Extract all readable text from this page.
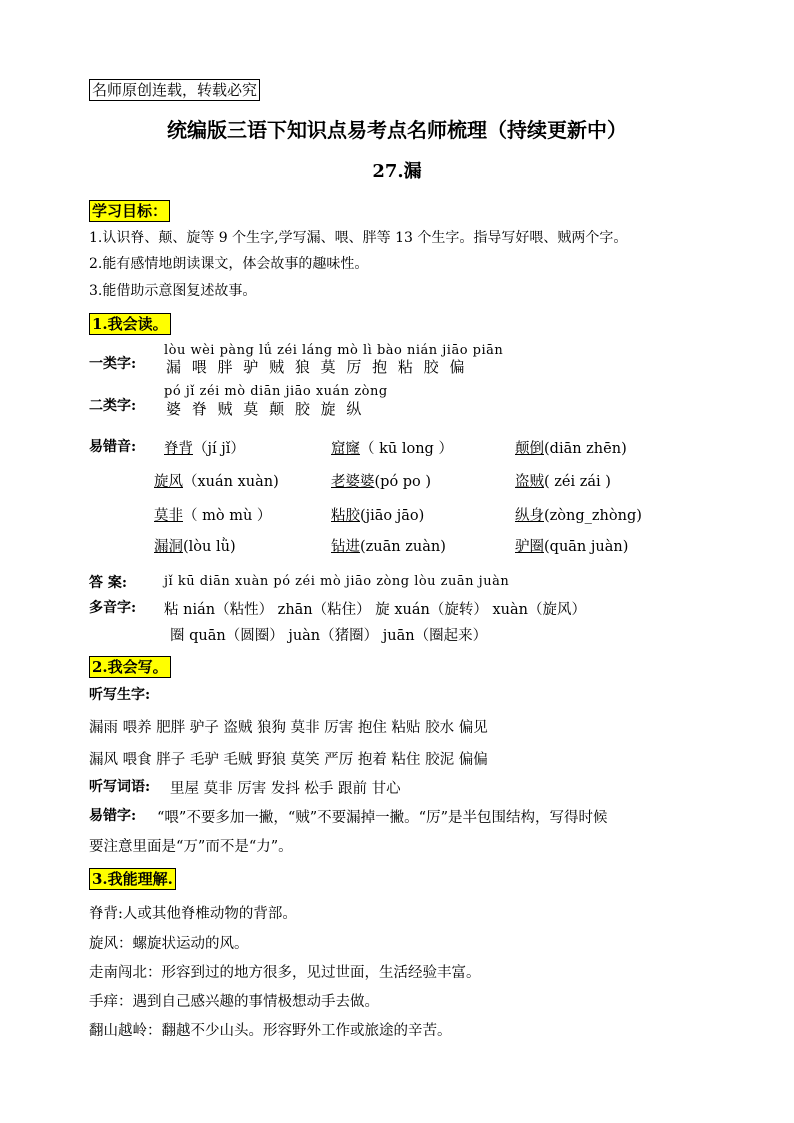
名师原创连载，转载必究
统编版三语下知识点易考点名师梳理（持续更新中）
27.漏
学习目标：
1.认识脊、颠、旋等 9 个生字,学写漏、喂、胖等 13 个生字。指导写好喂、贼两个字。
2.能有感情地朗读课文，体会故事的趣味性。
3.能借助示意图复述故事。
1.我会读。
lòu wèi pàng lǘ zéi láng mò lì bào nián jiāo piān
一类字: 漏 喂 胖 驴 贼 狼 莫 厉 抱 粘 胶 偏
pó jǐ zéi mò diān jiāo xuán zòng
二类字: 婆 脊 贼 莫 颠 胶 旋 纵
易错音: 脊背（jí jǐ）	窟窿（ kū long ）	颠倒(diān zhēn)
旋风（xuán xuàn)	老婆婆(pó po )	盗贼( zéi zái )
莫非（ mò mù ）	粘胶(jiāo jāo)	纵身(zòng_zhòng)
漏洞(lòu lǜ)	钻进(zuān zuàn)	驴圈(quān juàn)
答 案:	jǐ kū diān xuàn pó zéi mò jiāo zòng lòu zuān juàn
多音字: 粘 nián（粘性） zhān（粘住） 旋 xuán（旋转） xuàn（旋风）
圈 quān（圆圈） juàn（猪圈） juān（圈起来）
2.我会写。
听写生字:
漏雨 喂养 肥胖 驴子 盗贼 狼狗 莫非 厉害 抱住 粘贴 胶水 偏见
漏风 喂食 胖子 毛驴 毛贼 野狼 莫笑 严厉 抱着 粘住 胶泥 偏偏
听写词语: 里屋 莫非 厉害 发抖 松手 跟前 甘心
易错字: “喂”不要多加一撇，“贼”不要漏掉一撇。“厉”是半包围结构，写得时候
要注意里面是“万”而不是“力”。
3.我能理解.
脊背:人或其他脊椎动物的背部。
旋风：螺旋状运动的风。
走南闯北：形容到过的地方很多，见过世面，生活经验丰富。
手痒：遇到自己感兴趣的事情极想动手去做。
翻山越岭：翻越不少山头。形容野外工作或旅途的辛苦。
